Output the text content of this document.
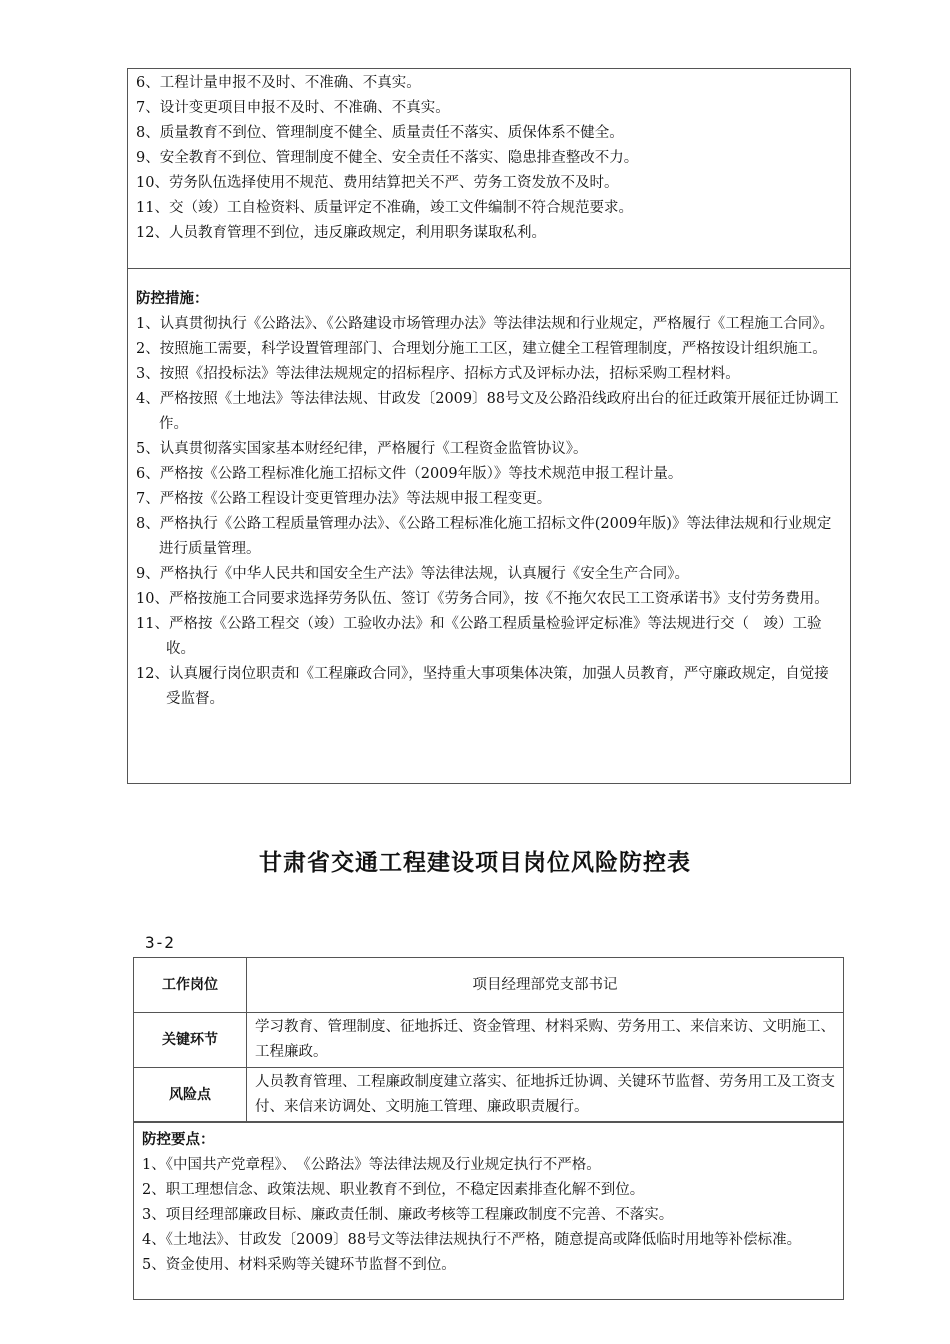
6、工程计量申报不及时、不准确、不真实。
7、设计变更项目申报不及时、不准确、不真实。
8、质量教育不到位、管理制度不健全、质量责任不落实、质保体系不健全。
9、安全教育不到位、管理制度不健全、安全责任不落实、隐患排查整改不力。
10、劳务队伍选择使用不规范、费用结算把关不严、劳务工资发放不及时。
11、交（竣）工自检资料、质量评定不准确，竣工文件编制不符合规范要求。
12、人员教育管理不到位，违反廉政规定，利用职务谋取私利。
防控措施：
1、认真贯彻执行《公路法》、《公路建设市场管理办法》等法律法规和行业规定，严格履行《工程施工合同》。
2、按照施工需要，科学设置管理部门、合理划分施工工区，建立健全工程管理制度，严格按设计组织施工。
3、按照《招投标法》等法律法规规定的招标程序、招标方式及评标办法，招标采购工程材料。
4、严格按照《土地法》等法律法规、甘政发〔2009〕88号文及公路沿线政府出台的征迁政策开展征迁协调工作。
5、认真贯彻落实国家基本财经纪律，严格履行《工程资金监管协议》。
6、严格按《公路工程标准化施工招标文件（2009年版）》等技术规范申报工程计量。
7、严格按《公路工程设计变更管理办法》等法规申报工程变更。
8、严格执行《公路工程质量管理办法》、《公路工程标准化施工招标文件(2009年版)》等法律法规和行业规定进行质量管理。
9、严格执行《中华人民共和国安全生产法》等法律法规，认真履行《安全生产合同》。
10、严格按施工合同要求选择劳务队伍、签订《劳务合同》，按《不拖欠农民工工资承诺书》支付劳务费用。
11、严格按《公路工程交（竣）工验收办法》和《公路工程质量检验评定标准》等法规进行交（　竣）工验收。
12、认真履行岗位职责和《工程廉政合同》，坚持重大事项集体决策，加强人员教育，严守廉政规定，自觉接受监督。
甘肃省交通工程建设项目岗位风险防控表
3-2
工作岗位	项目经理部党支部书记
关键环节	学习教育、管理制度、征地拆迁、资金管理、材料采购、劳务用工、来信来访、文明施工、工程廉政。
风险点	人员教育管理、工程廉政制度建立落实、征地拆迁协调、关键环节监督、劳务用工及工资支付、来信来访调处、文明施工管理、廉政职责履行。
防控要点：
1、《中国共产党章程》、　《公路法》等法律法规及行业规定执行不严格。
2、职工理想信念、政策法规、职业教育不到位，不稳定因素排查化解不到位。
3、项目经理部廉政目标、廉政责任制、廉政考核等工程廉政制度不完善、不落实。
4、《土地法》、甘政发〔2009〕88号文等法律法规执行不严格，随意提高或降低临时用地等补偿标准。
5、资金使用、材料采购等关键环节监督不到位。
